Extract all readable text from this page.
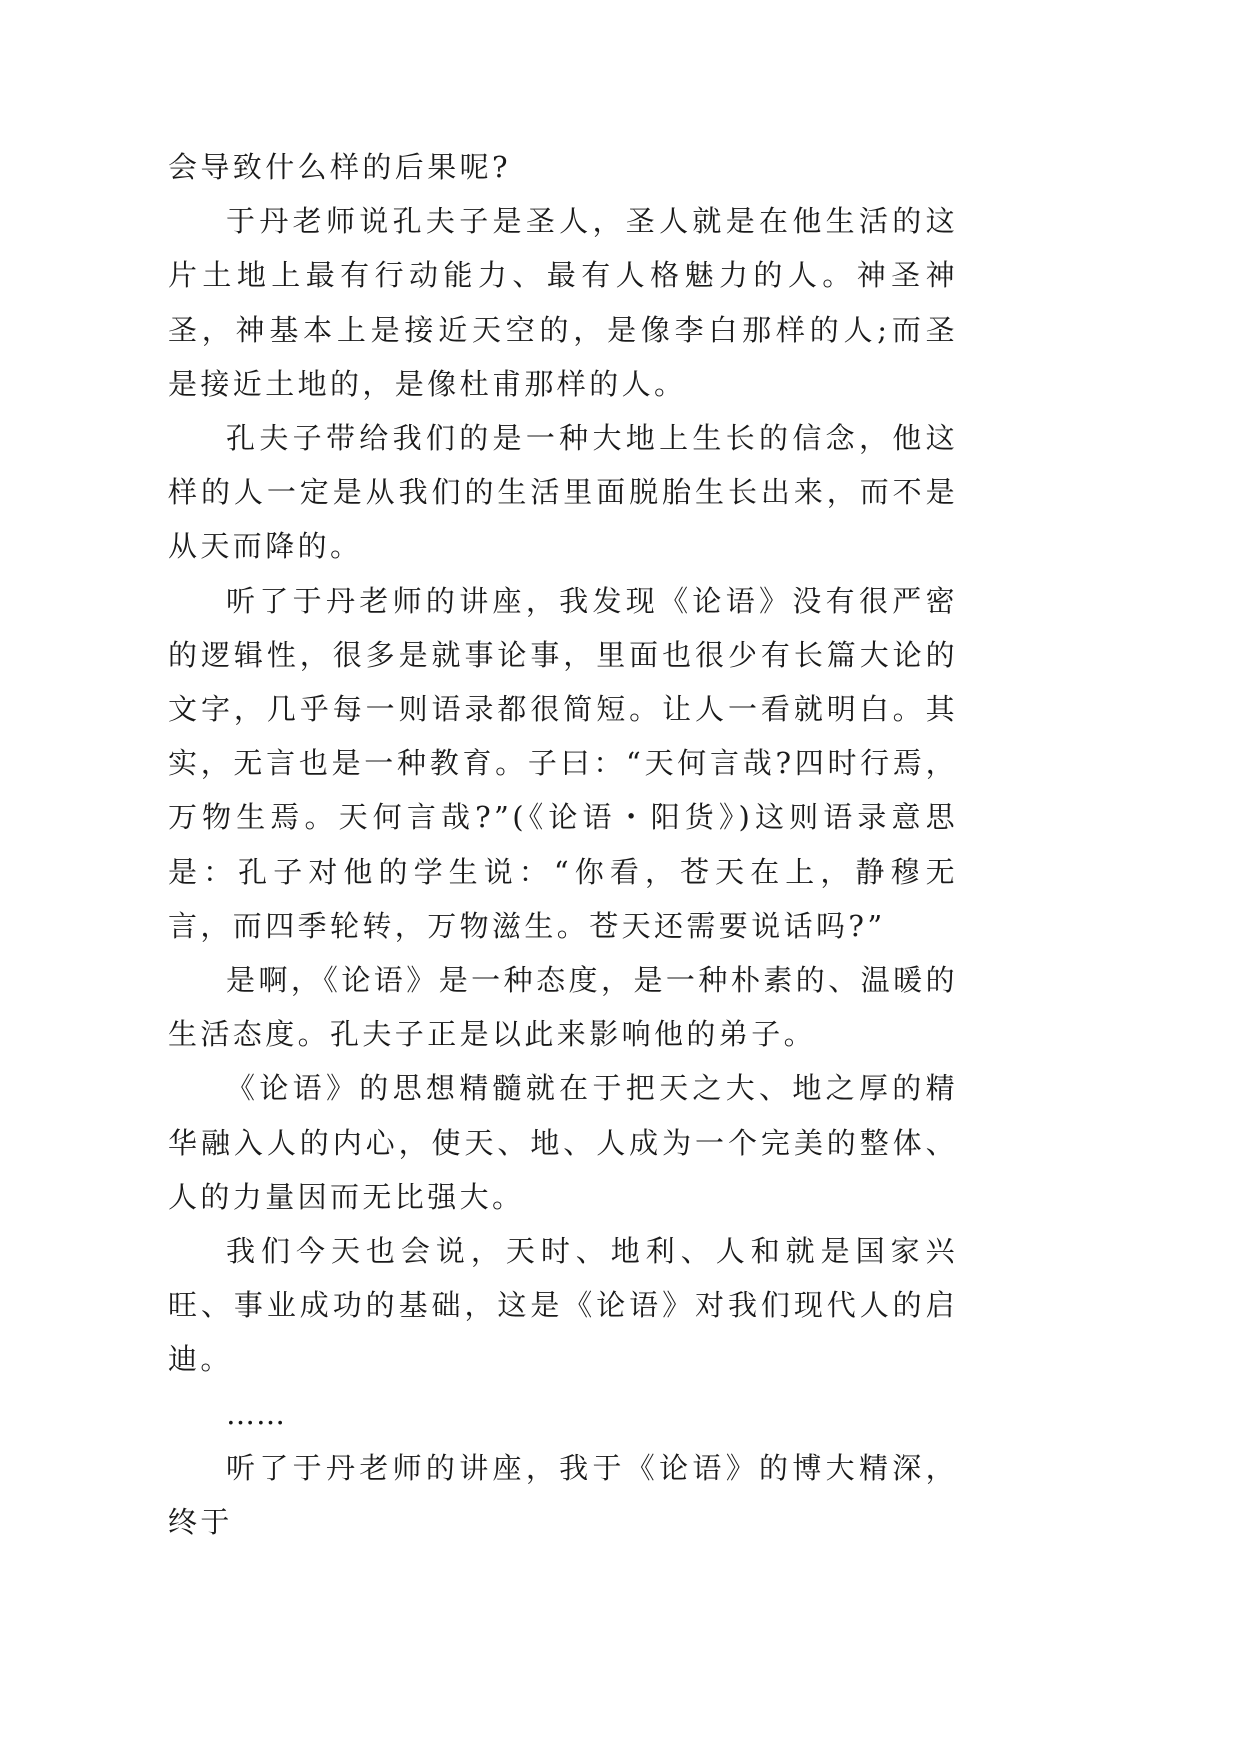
会导致什么样的后果呢?

于丹老师说孔夫子是圣人，圣人就是在他生活的这片土地上最有行动能力、最有人格魅力的人。神圣神圣，神基本上是接近天空的，是像李白那样的人;而圣是接近土地的，是像杜甫那样的人。

孔夫子带给我们的是一种大地上生长的信念，他这样的人一定是从我们的生活里面脱胎生长出来，而不是从天而降的。

听了于丹老师的讲座，我发现《论语》没有很严密的逻辑性，很多是就事论事，里面也很少有长篇大论的文字，几乎每一则语录都很简短。让人一看就明白。其实，无言也是一种教育。子曰：“天何言哉?四时行焉，万物生焉。天何言哉?”(《论语・阳货》)这则语录意思是：孔子对他的学生说：“你看，苍天在上，静穆无言，而四季轮转，万物滋生。苍天还需要说话吗?”

是啊，《论语》是一种态度，是一种朴素的、温暖的生活态度。孔夫子正是以此来影响他的弟子。

《论语》的思想精髓就在于把天之大、地之厚的精华融入人的内心，使天、地、人成为一个完美的整体、人的力量因而无比强大。

我们今天也会说，天时、地利、人和就是国家兴旺、事业成功的基础，这是《论语》对我们现代人的启迪。

……

听了于丹老师的讲座，我于《论语》的博大精深，终于
